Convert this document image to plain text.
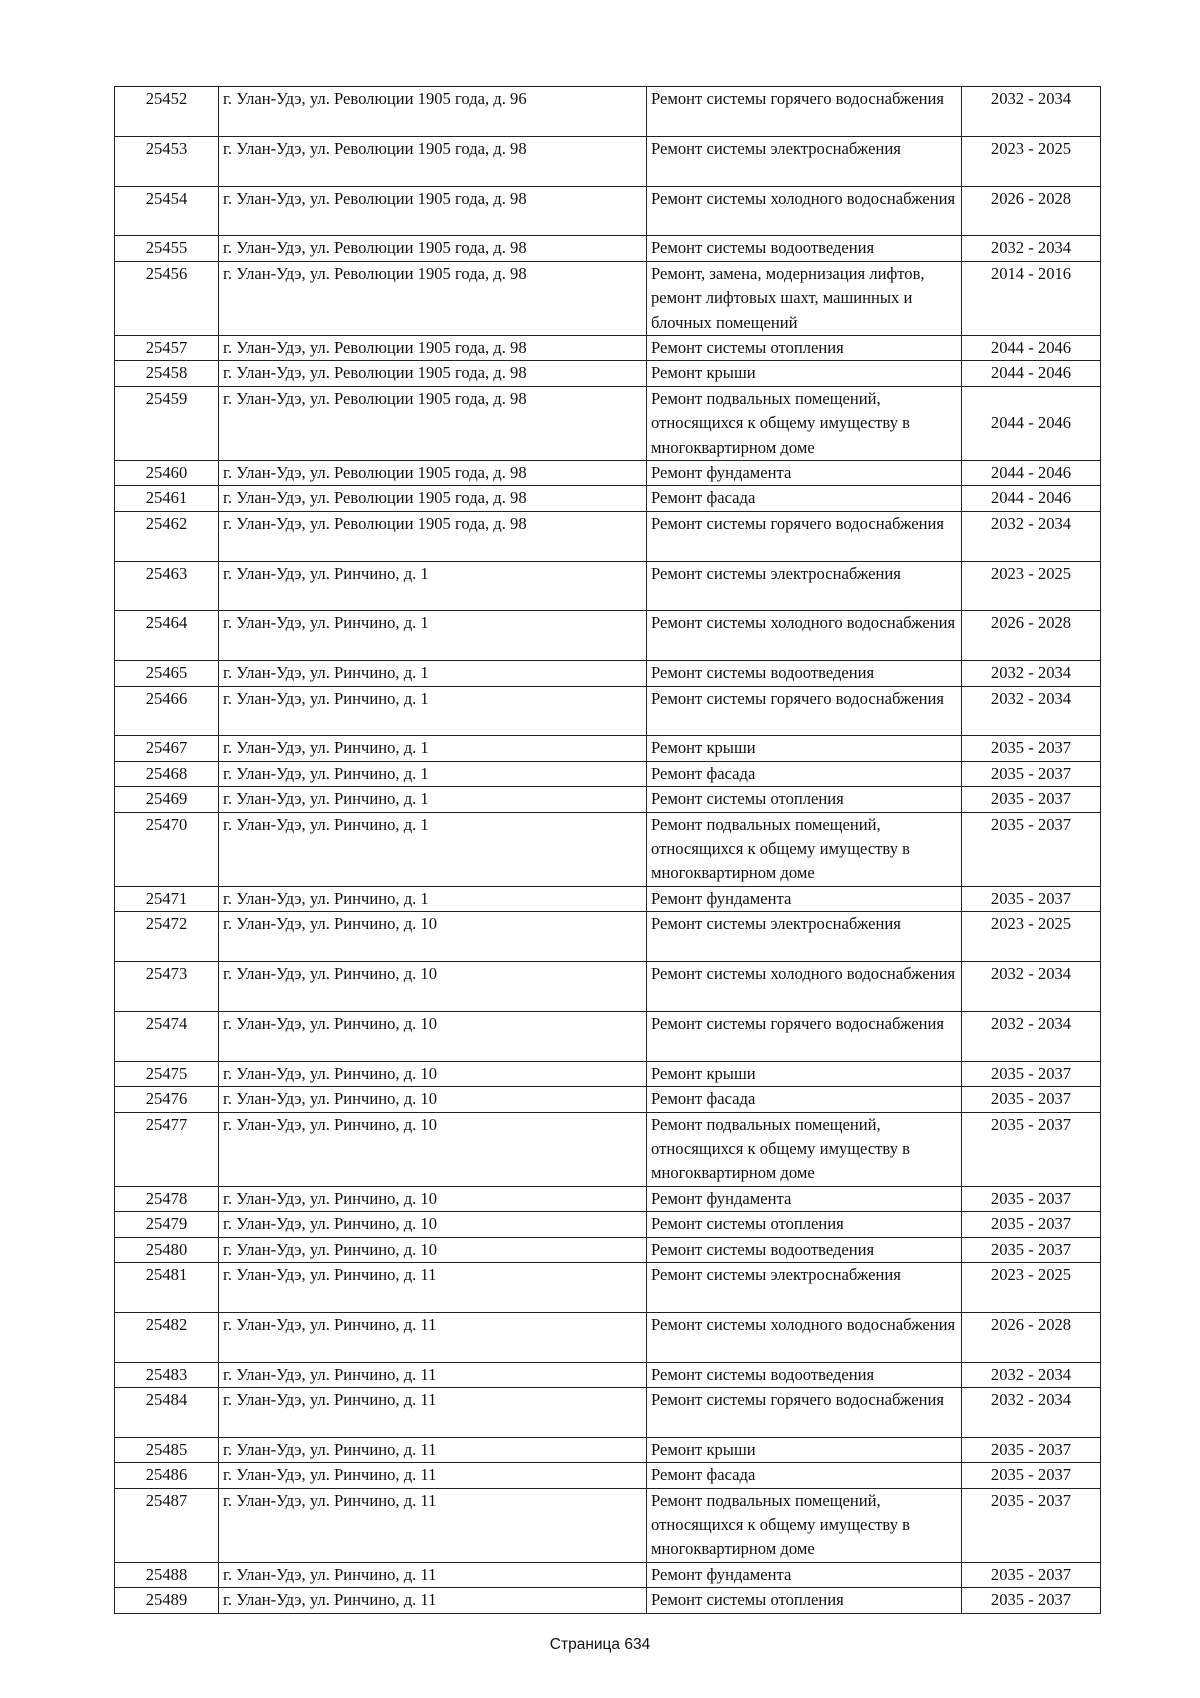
25452	г. Улан-Удэ, ул. Революции 1905 года, д. 96	Ремонт системы горячего водоснабжения	2032 - 2034
25453	г. Улан-Удэ, ул. Революции 1905 года, д. 98	Ремонт системы электроснабжения	2023 - 2025
25454	г. Улан-Удэ, ул. Революции 1905 года, д. 98	Ремонт системы холодного водоснабжения	2026 - 2028
25455	г. Улан-Удэ, ул. Революции 1905 года, д. 98	Ремонт системы водоотведения	2032 - 2034
25456	г. Улан-Удэ, ул. Революции 1905 года, д. 98	Ремонт, замена, модернизация лифтов, ремонт лифтовых шахт, машинных и блочных помещений	2014 - 2016
25457	г. Улан-Удэ, ул. Революции 1905 года, д. 98	Ремонт системы отопления	2044 - 2046
25458	г. Улан-Удэ, ул. Революции 1905 года, д. 98	Ремонт крыши	2044 - 2046
25459	г. Улан-Удэ, ул. Революции 1905 года, д. 98	Ремонт подвальных помещений, относящихся к общему имуществу в многоквартирном доме	2044 - 2046
25460	г. Улан-Удэ, ул. Революции 1905 года, д. 98	Ремонт фундамента	2044 - 2046
25461	г. Улан-Удэ, ул. Революции 1905 года, д. 98	Ремонт фасада	2044 - 2046
25462	г. Улан-Удэ, ул. Революции 1905 года, д. 98	Ремонт системы горячего водоснабжения	2032 - 2034
25463	г. Улан-Удэ, ул. Ринчино, д. 1	Ремонт системы электроснабжения	2023 - 2025
25464	г. Улан-Удэ, ул. Ринчино, д. 1	Ремонт системы холодного водоснабжения	2026 - 2028
25465	г. Улан-Удэ, ул. Ринчино, д. 1	Ремонт системы водоотведения	2032 - 2034
25466	г. Улан-Удэ, ул. Ринчино, д. 1	Ремонт системы горячего водоснабжения	2032 - 2034
25467	г. Улан-Удэ, ул. Ринчино, д. 1	Ремонт крыши	2035 - 2037
25468	г. Улан-Удэ, ул. Ринчино, д. 1	Ремонт фасада	2035 - 2037
25469	г. Улан-Удэ, ул. Ринчино, д. 1	Ремонт системы отопления	2035 - 2037
25470	г. Улан-Удэ, ул. Ринчино, д. 1	Ремонт подвальных помещений, относящихся к общему имуществу в многоквартирном доме	2035 - 2037
25471	г. Улан-Удэ, ул. Ринчино, д. 1	Ремонт фундамента	2035 - 2037
25472	г. Улан-Удэ, ул. Ринчино, д. 10	Ремонт системы электроснабжения	2023 - 2025
25473	г. Улан-Удэ, ул. Ринчино, д. 10	Ремонт системы холодного водоснабжения	2032 - 2034
25474	г. Улан-Удэ, ул. Ринчино, д. 10	Ремонт системы горячего водоснабжения	2032 - 2034
25475	г. Улан-Удэ, ул. Ринчино, д. 10	Ремонт крыши	2035 - 2037
25476	г. Улан-Удэ, ул. Ринчино, д. 10	Ремонт фасада	2035 - 2037
25477	г. Улан-Удэ, ул. Ринчино, д. 10	Ремонт подвальных помещений, относящихся к общему имуществу в многоквартирном доме	2035 - 2037
25478	г. Улан-Удэ, ул. Ринчино, д. 10	Ремонт фундамента	2035 - 2037
25479	г. Улан-Удэ, ул. Ринчино, д. 10	Ремонт системы отопления	2035 - 2037
25480	г. Улан-Удэ, ул. Ринчино, д. 10	Ремонт системы водоотведения	2035 - 2037
25481	г. Улан-Удэ, ул. Ринчино, д. 11	Ремонт системы электроснабжения	2023 - 2025
25482	г. Улан-Удэ, ул. Ринчино, д. 11	Ремонт системы холодного водоснабжения	2026 - 2028
25483	г. Улан-Удэ, ул. Ринчино, д. 11	Ремонт системы водоотведения	2032 - 2034
25484	г. Улан-Удэ, ул. Ринчино, д. 11	Ремонт системы горячего водоснабжения	2032 - 2034
25485	г. Улан-Удэ, ул. Ринчино, д. 11	Ремонт крыши	2035 - 2037
25486	г. Улан-Удэ, ул. Ринчино, д. 11	Ремонт фасада	2035 - 2037
25487	г. Улан-Удэ, ул. Ринчино, д. 11	Ремонт подвальных помещений, относящихся к общему имуществу в многоквартирном доме	2035 - 2037
25488	г. Улан-Удэ, ул. Ринчино, д. 11	Ремонт фундамента	2035 - 2037
25489	г. Улан-Удэ, ул. Ринчино, д. 11	Ремонт системы отопления	2035 - 2037
Страница 634
